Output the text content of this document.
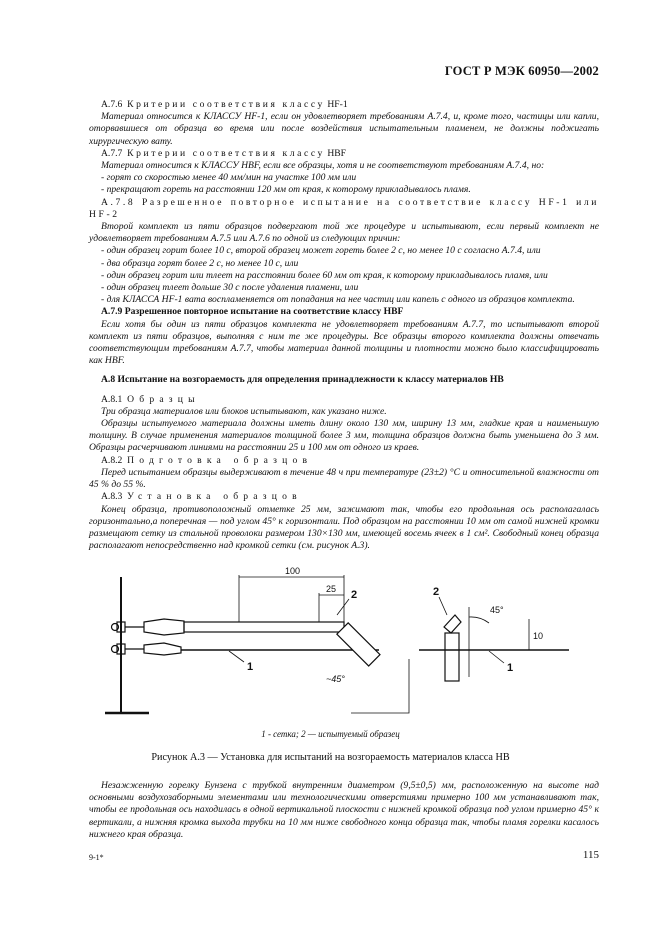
ГОСТ Р МЭК 60950—2002

А.7.6 Критерии соответствия классу HF-1

Материал относится к КЛАССУ HF-1, если он удовлетворяет требованиям А.7.4, и, кроме того, частицы или капли, оторвавшиеся от образца во время или после воздействия испытательным пламенем, не должны поджигать хирургическую вату.

А.7.7 Критерии соответствия классу HBF

Материал относится к КЛАССУ HBF, если все образцы, хотя и не соответствуют требованиям А.7.4, но:

- горят со скоростью менее 40 мм/мин на участке 100 мм или

- прекращают гореть на расстоянии 120 мм от края, к которому прикладывалось пламя.

А.7.8 Разрешенное повторное испытание на соответствие классу HF-1 или HF-2

Второй комплект из пяти образцов подвергают той же процедуре и испытывают, если первый комплект не удовлетворяет требованиям А.7.5 или А.7.6 по одной из следующих причин:

- один образец горит более 10 с, второй образец может гореть более 2 с, но менее 10 с согласно А.7.4, или

- два образца горят более 2 с, но менее 10 с, или

- один образец горит или тлеет на расстоянии более 60 мм от края, к которому прикладывалось пламя, или

- один образец тлеет дольше 30 с после удаления пламени, или

- для КЛАССА HF-1 вата воспламеняется от попадания на нее частиц или капель с одного из образцов комплекта.

А.7.9 Разрешенное повторное испытание на соответствие классу HBF

Если хотя бы один из пяти образцов комплекта не удовлетворяет требованиям А.7.7, то испытывают второй комплект из пяти образцов, выполняя с ним те же процедуры. Все образцы второго комплекта должны отвечать соответствующим требованиям А.7.7, чтобы материал данной толщины и плотности можно было классифицировать как HBF.

А.8 Испытание на возгораемость для определения принадлежности к классу материалов HB

А.8.1 Образцы

Три образца материалов или блоков испытывают, как указано ниже.

Образцы испытуемого материала должны иметь длину около 130 мм, ширину 13 мм, гладкие края и наименьшую толщину. В случае применения материалов толщиной более 3 мм, толщина образцов должна быть уменьшена до 3 мм. Образцы расчерчивают линиями на расстоянии 25 и 100 мм от одного из краев.

А.8.2 Подготовка образцов

Перед испытанием образцы выдерживают в течение 48 ч при температуре (23±2) °С и относительной влажности от 45 % до 55 %.

А.8.3 Установка образцов

Конец образца, противоположный отметке 25 мм, зажимают так, чтобы его продольная ось располагалась горизонтально,а поперечная — под углом 45° к горизонтали. Под образцом на расстоянии 10 мм от самой нижней кромки размещают сетку из стальной проволоки размером 130×130 мм, имеющей восемь ячеек в 1 см². Свободный конец образца располагают непосредственно над кромкой сетки (см. рисунок А.3).

100
25 2
1
~45°
2
1
45°
10
1 - сетка; 2 — испытуемый образец
Рисунок А.3 — Установка для испытаний на возгораемость материалов класса HB

Незажженную горелку Бунзена с трубкой внутренним диаметром (9,5±0,5) мм, расположенную на высоте над основными воздухозаборными элементами или технологическими отверстиями примерно 100 мм устанавливают так, чтобы ее продольная ось находилась в одной вертикальной плоскости с нижней кромкой образца под углом примерно 45° к вертикали, а нижняя кромка выхода трубки на 10 мм ниже свободного конца образца так, чтобы пламя горелки касалось нижнего края образца.

9-1*	115
